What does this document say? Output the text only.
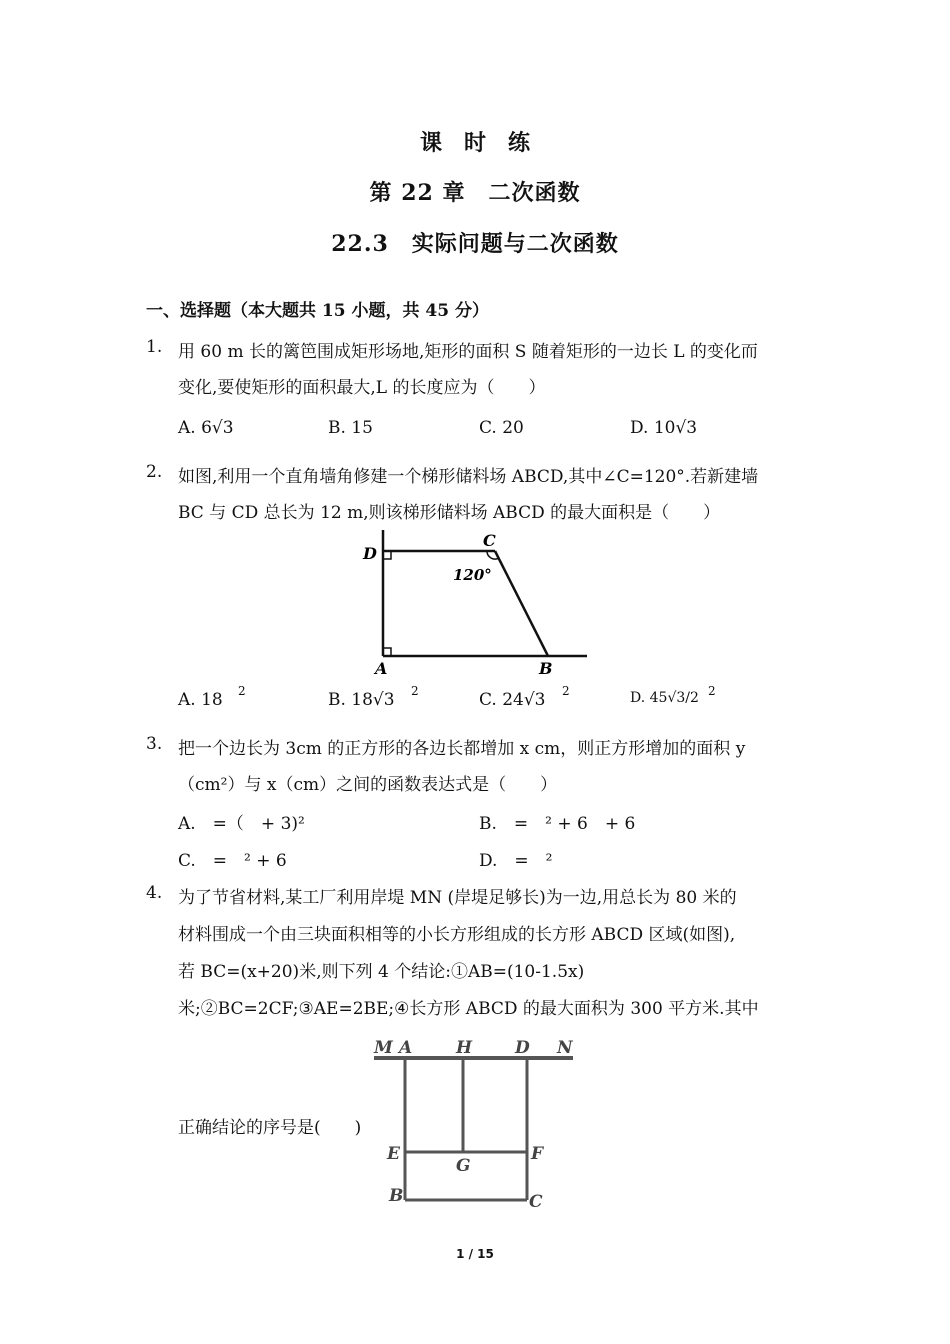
课时练
第 22 章　二次函数
22.3　实际问题与二次函数
一、选择题（本大题共 15 小题，共 45 分）
1. 用 60 m 长的篱笆围成矩形场地,矩形的面积 S 随着矩形的一边长 L 的变化而
变化,要使矩形的面积最大,L 的长度应为（　　）
A. 6√3	B. 15	C. 20	D. 10√3
2. 如图,利用一个直角墙角修建一个梯形储料场 ABCD,其中∠C=120°.若新建墙
BC 与 CD 总长为 12 m,则该梯形储料场 ABCD 的最大面积是（　　）
D
C
120°
A	B
A. 18 2	B. 18√3 2	C. 24√3 2	D. 45√3/2 2
3. 把一个边长为 3cm 的正方形的各边长都增加 x cm，则正方形增加的面积 y
（cm²）与 x（cm）之间的函数表达式是（　　）
A.　=（　+ 3)²	B.　=　² + 6　+ 6
C.　=　² + 6	D.　=　²
4. 为了节省材料,某工厂利用岸堤 MN (岸堤足够长)为一边,用总长为 80 米的
材料围成一个由三块面积相等的小长方形组成的长方形 ABCD 区域(如图),
若 BC=(x+20)米,则下列 4 个结论:①AB=(10-1.5x)
米;②BC=2CF;③AE=2BE;④长方形 ABCD 的最大面积为 300 平方米.其中
正确结论的序号是(　　)
M A	H	D N
E
G
F
B	C
1 / 15
